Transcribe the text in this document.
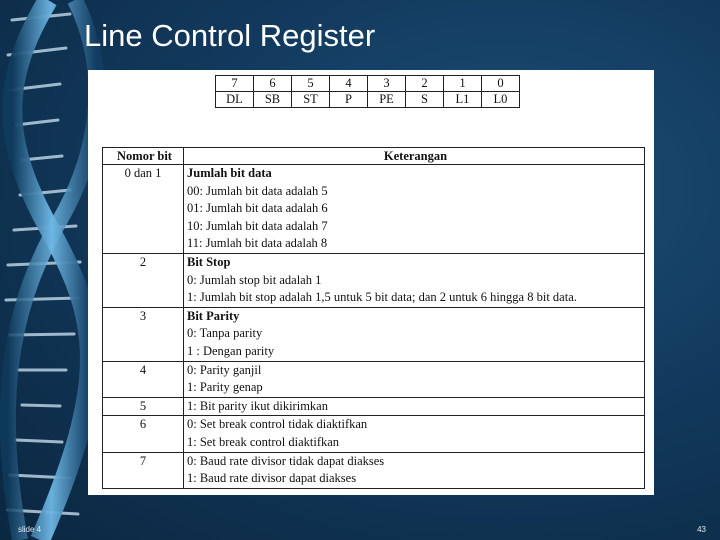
Line Control Register
7	6	5	4	3	2	1	0
DL	SB	ST	P	PE	S	L1	L0
Nomor bit	Keterangan
0 dan 1	Jumlah bit data
00: Jumlah bit data adalah 5
01: Jumlah bit data adalah 6
10: Jumlah bit data adalah 7
11: Jumlah bit data adalah 8

2	Bit Stop
0: Jumlah stop bit adalah 1
1: Jumlah bit stop adalah 1,5 untuk 5 bit data; dan 2 untuk 6 hingga 8 bit data.

3	Bit Parity
0: Tanpa parity
1 : Dengan parity

4	0: Parity ganjil
1: Parity genap

5	1: Bit parity ikut dikirimkan

6	0: Set break control tidak diaktifkan
1: Set break control diaktifkan

7	0: Baud rate divisor tidak dapat diakses
1: Baud rate divisor dapat diakses
slide 4	43
